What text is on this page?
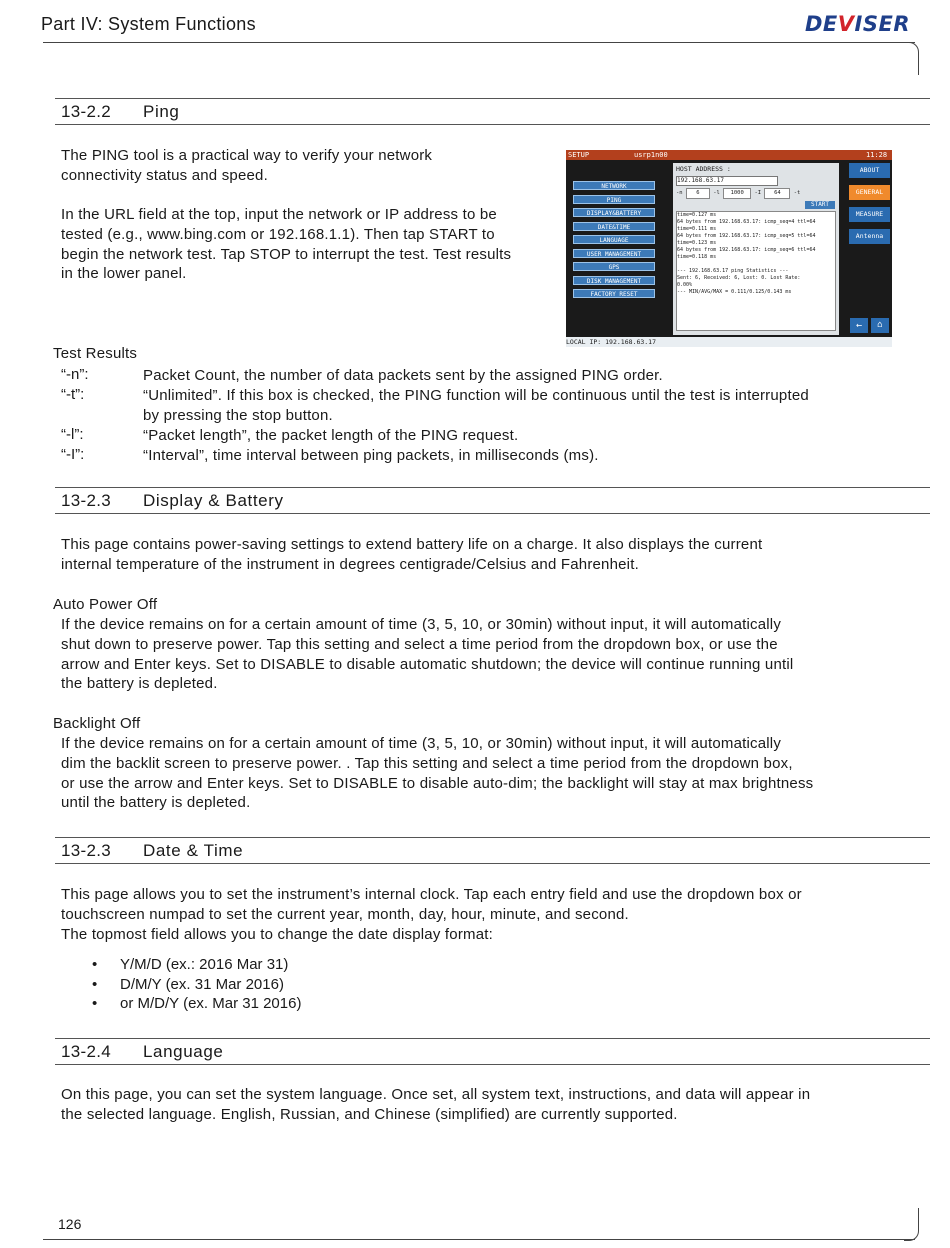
Part IV: System Functions	DEVISER
13-2.2 Ping
The PING tool is a practical way to verify your network
connectivity status and speed.
In the URL field at the top, input the network or IP address to be
tested (e.g., www.bing.com or 192.168.1.1). Then tap START to
begin the network test. Tap STOP to interrupt the test. Test results
in the lower panel.
SETUP	usrp1n00	11:28
NETWORK
PING
DISPLAY&BATTERY
DATE&TIME
LANGUAGE
USER MANAGEMENT
GPS
DISK MANAGEMENT
FACTORY RESET
HOST ADDRESS :
192.168.63.17
-n 6 -l 1000 -I 64 -t
START
time=0.127 ms
64 bytes from 192.168.63.17: icmp_seq=4 ttl=64
time=0.111 ms
64 bytes from 192.168.63.17: icmp_seq=5 ttl=64
time=0.123 ms
64 bytes from 192.168.63.17: icmp_seq=6 ttl=64
time=0.118 ms
--- 192.168.63.17 ping Statistics ---
Sent: 6, Received: 6, Lost: 0. Lost Rate:
0.00%
--- MIN/AVG/MAX = 0.111/0.125/0.143 ms
ABOUT
GENERAL
MEASURE
Antenna
←	⌂
LOCAL IP: 192.168.63.17
Test Results
“-n”:	Packet Count, the number of data packets sent by the assigned PING order.
“-t”:	“Unlimited”. If this box is checked, the PING function will be continuous until the test is interrupted
by pressing the stop button.
“-l”:	“Packet length”, the packet length of the PING request.
“-I”:	“Interval”, time interval between ping packets, in milliseconds (ms).
13-2.3 Display & Battery
This page contains power-saving settings to extend battery life on a charge. It also displays the current
internal temperature of the instrument in degrees centigrade/Celsius and Fahrenheit.
Auto Power Off
If the device remains on for a certain amount of time (3, 5, 10, or 30min) without input, it will automatically
shut down to preserve power. Tap this setting and select a time period from the dropdown box, or use the
arrow and Enter keys. Set to DISABLE to disable automatic shutdown; the device will continue running until
the battery is depleted.
Backlight Off
If the device remains on for a certain amount of time (3, 5, 10, or 30min) without input, it will automatically
dim the backlit screen to preserve power. . Tap this setting and select a time period from the dropdown box,
or use the arrow and Enter keys. Set to DISABLE to disable auto-dim; the backlight will stay at max brightness
until the battery is depleted.
13-2.3 Date & Time
This page allows you to set the instrument’s internal clock. Tap each entry field and use the dropdown box or
touchscreen numpad to set the current year, month, day, hour, minute, and second.
The topmost field allows you to change the date display format:
• Y/M/D (ex.: 2016 Mar 31)
• D/M/Y (ex. 31 Mar 2016)
• or M/D/Y (ex. Mar 31 2016)
13-2.4 Language
On this page, you can set the system language. Once set, all system text, instructions, and data will appear in
the selected language. English, Russian, and Chinese (simplified) are currently supported.
126
